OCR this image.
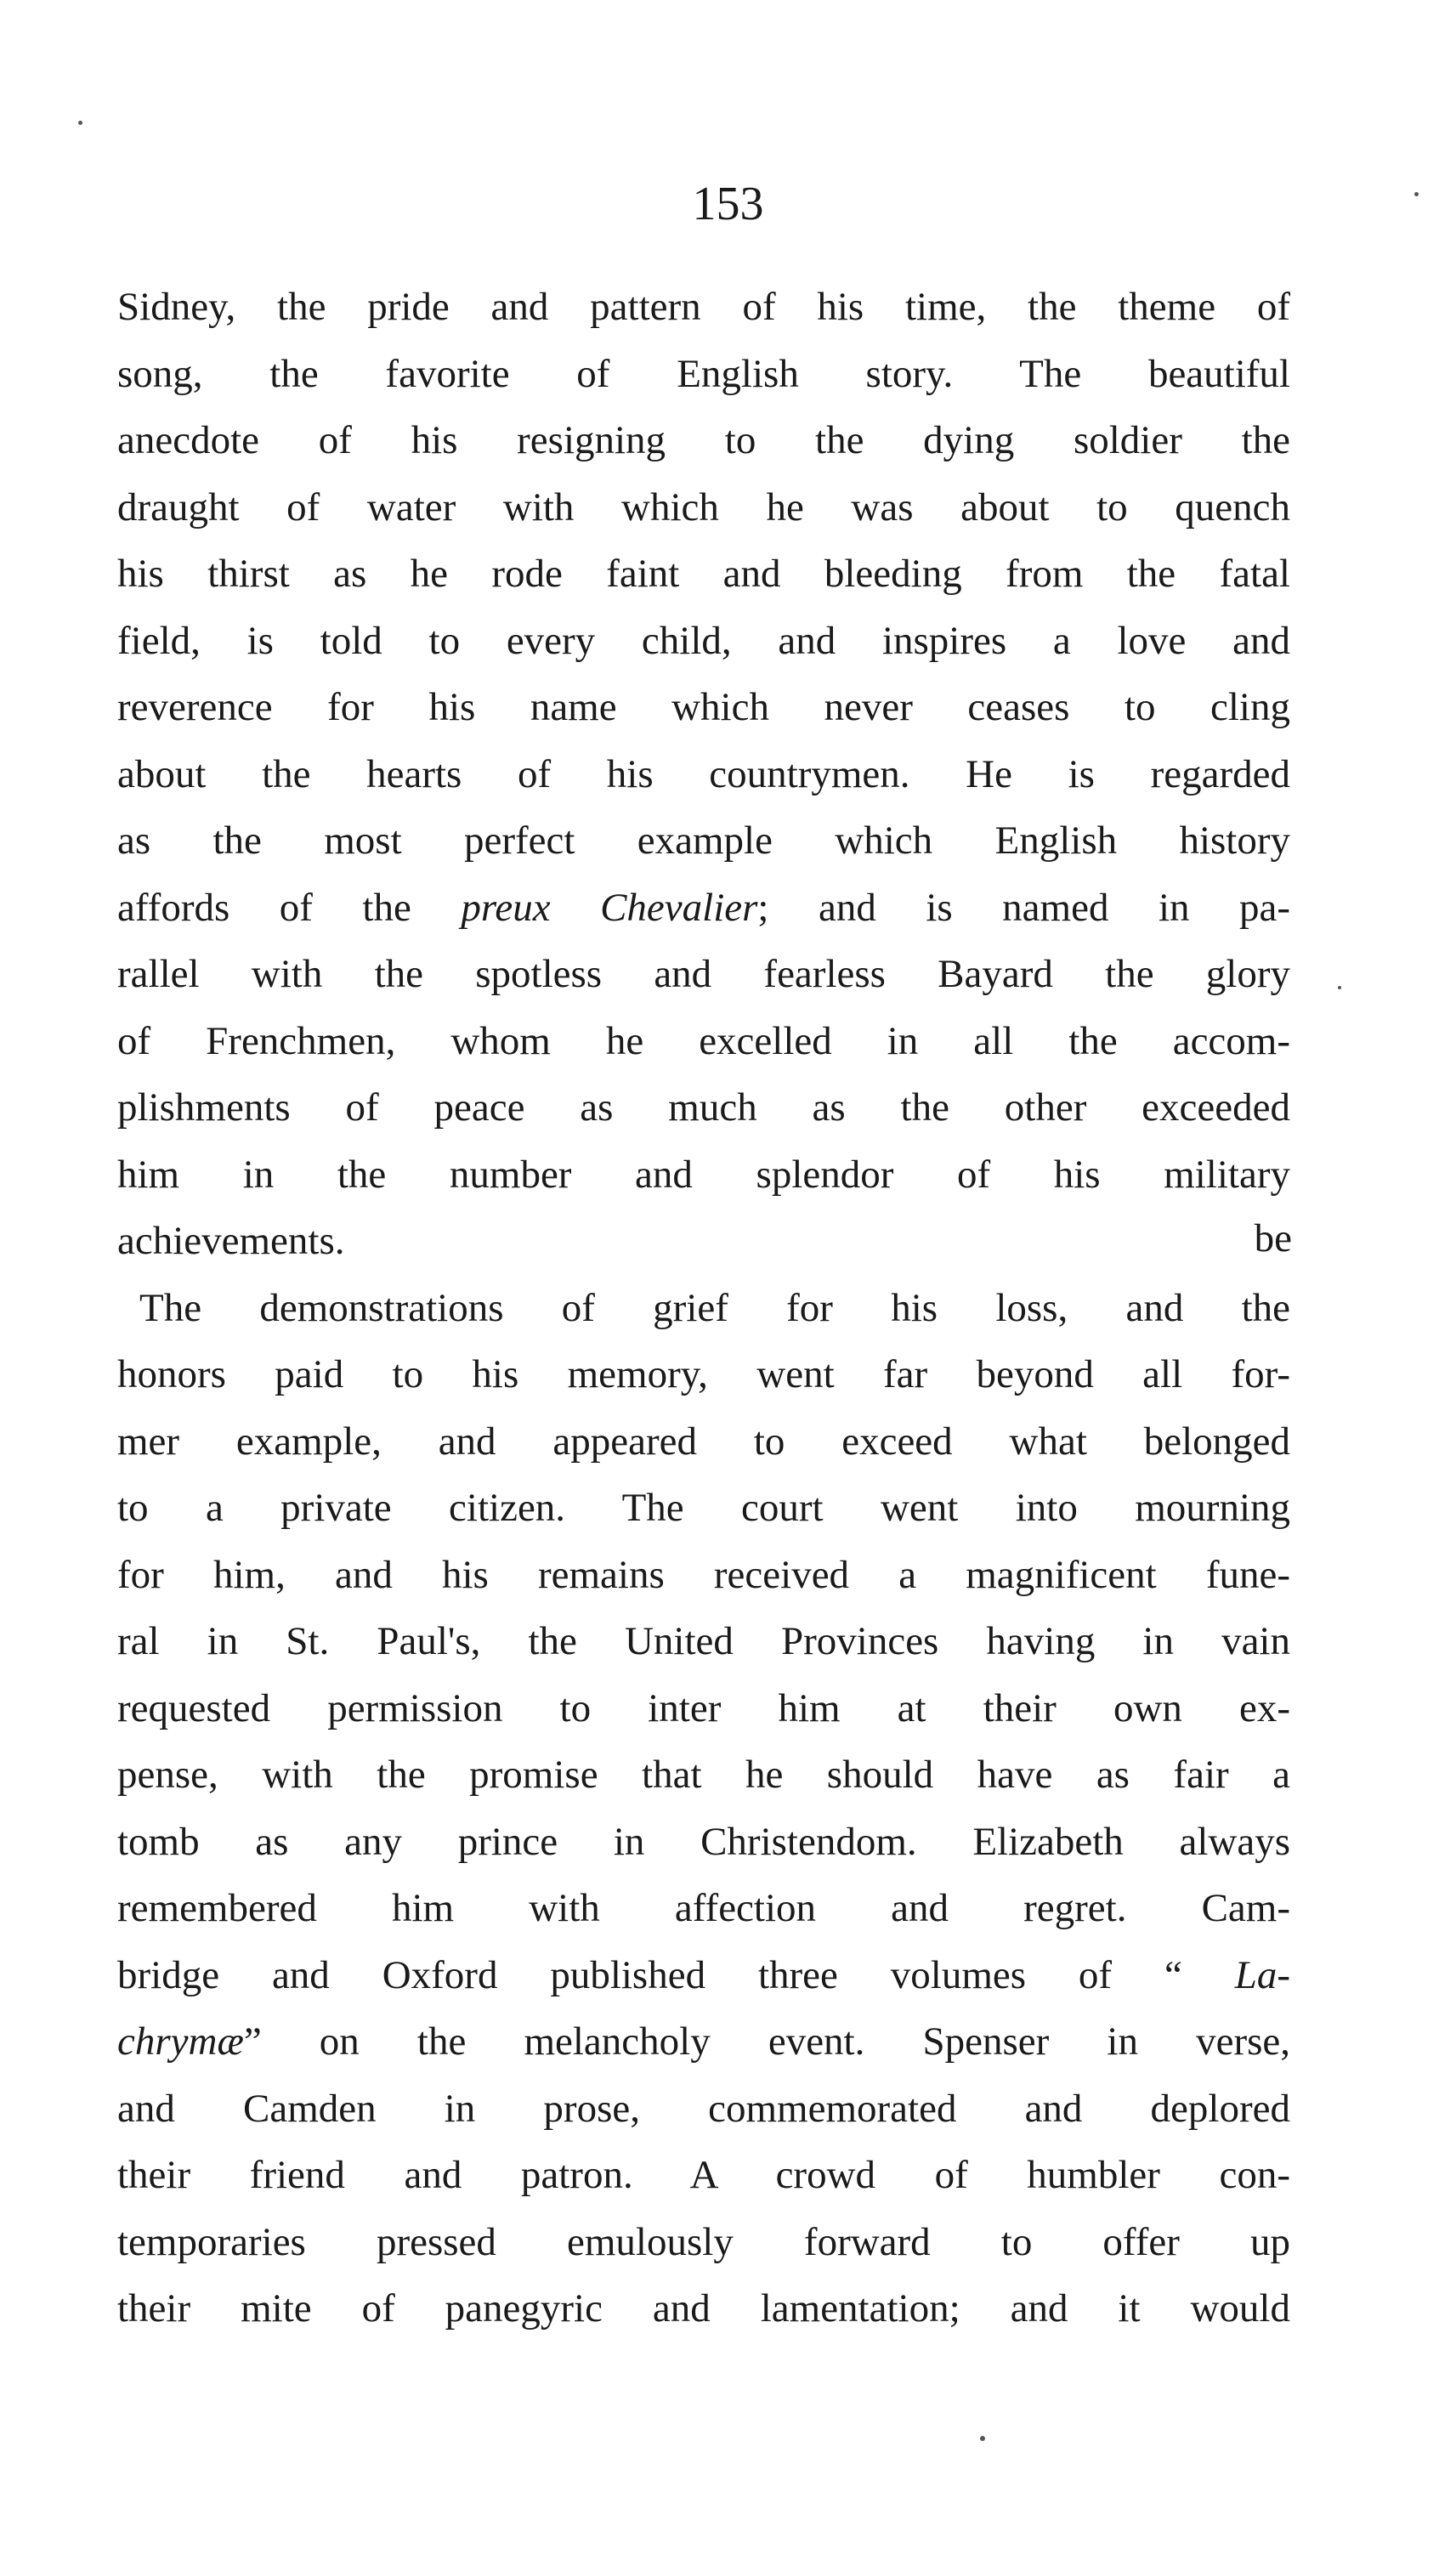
153
Sidney, the pride and pattern of his time, the theme of
song, the favorite of English story. The beautiful
anecdote of his resigning to the dying soldier the
draught of water with which he was about to quench
his thirst as he rode faint and bleeding from the fatal
field, is told to every child, and inspires a love and
reverence for his name which never ceases to cling
about the hearts of his countrymen. He is regarded
as the most perfect example which English history
affords of the preux Chevalier; and is named in pa-
rallel with the spotless and fearless Bayard the glory
of Frenchmen, whom he excelled in all the accom-
plishments of peace as much as the other exceeded
him in the number and splendor of his military
achievements.
The demonstrations of grief for his loss, and the
honors paid to his memory, went far beyond all for-
mer example, and appeared to exceed what belonged
to a private citizen. The court went into mourning
for him, and his remains received a magnificent fune-
ral in St. Paul's, the United Provinces having in vain
requested permission to inter him at their own ex-
pense, with the promise that he should have as fair a
tomb as any prince in Christendom. Elizabeth always
remembered him with affection and regret. Cam-
bridge and Oxford published three volumes of “ La-
chrymæ” on the melancholy event. Spenser in verse,
and Camden in prose, commemorated and deplored
their friend and patron. A crowd of humbler con-
temporaries pressed emulously forward to offer up
their mite of panegyric and lamentation; and it would
be
